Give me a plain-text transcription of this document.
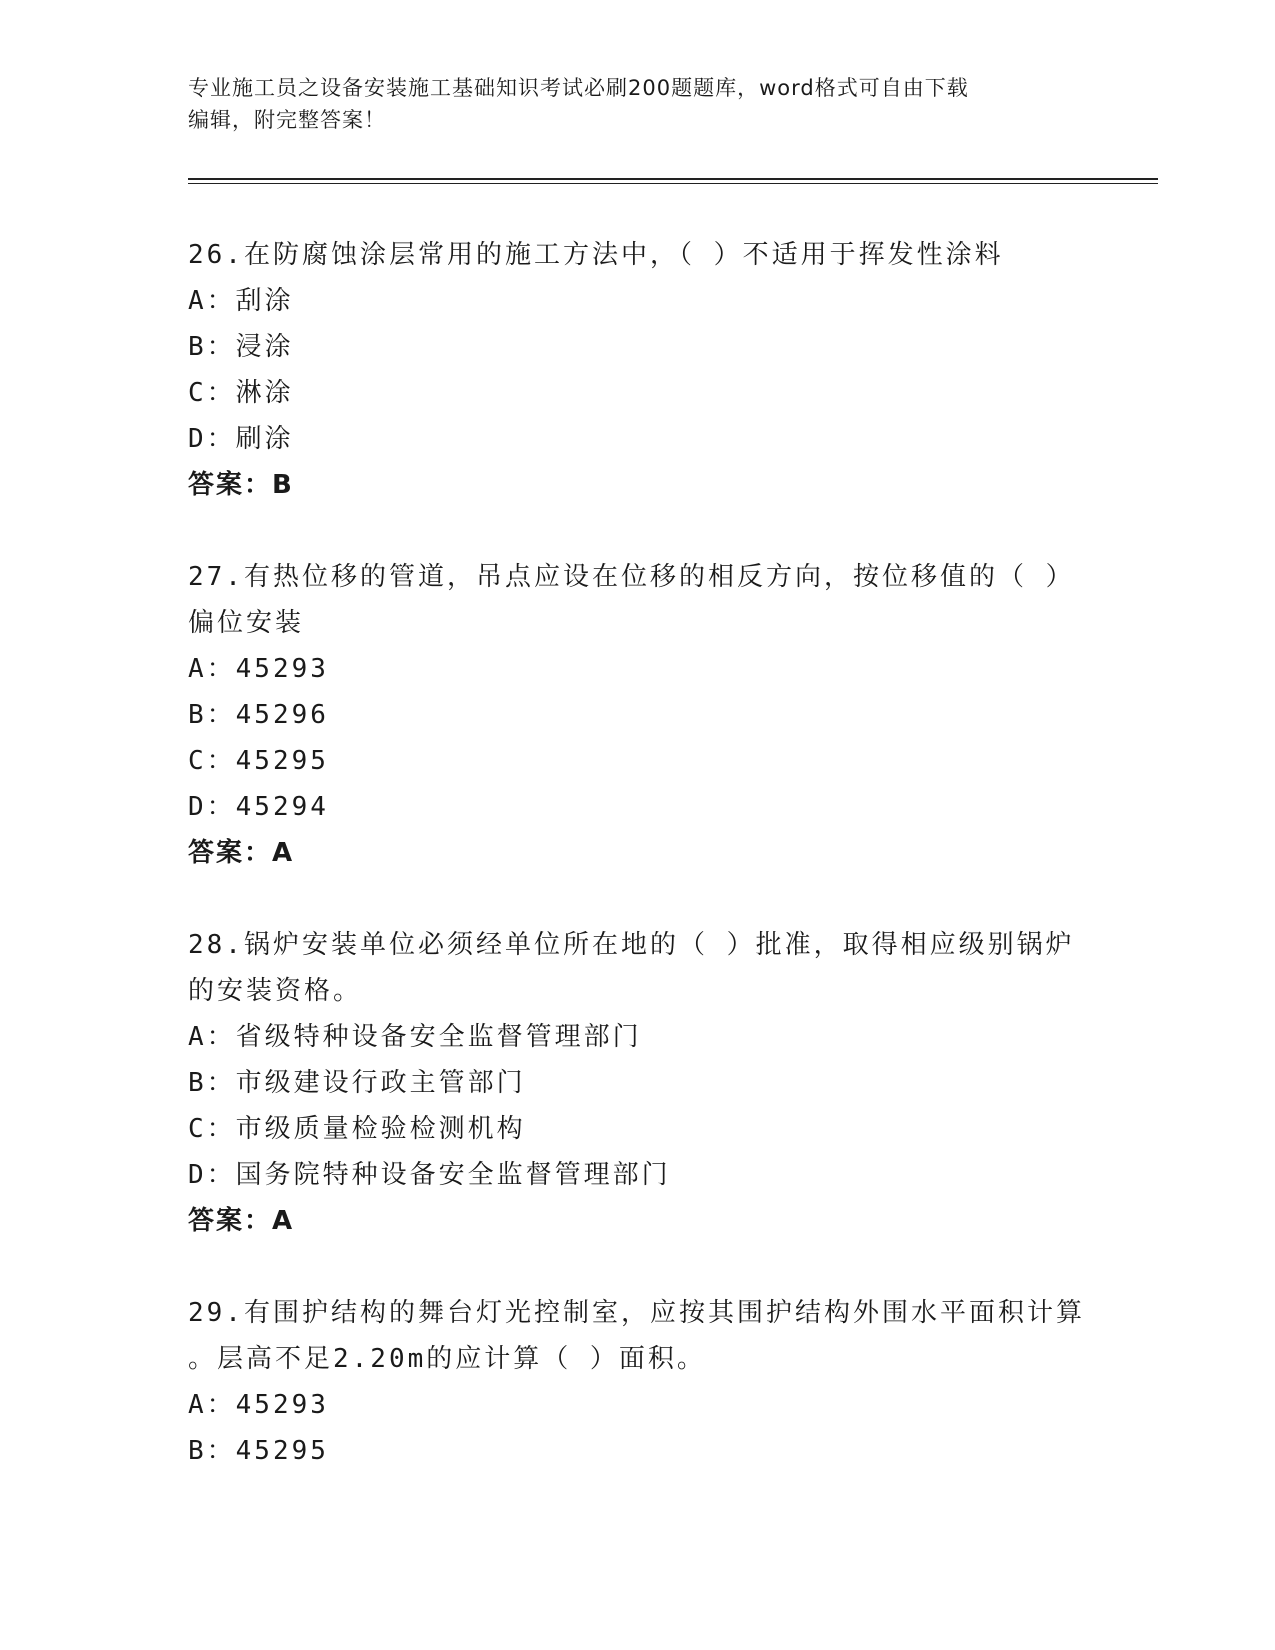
专业施工员之设备安装施工基础知识考试必刷200题题库，word格式可自由下载
编辑，附完整答案！
26.在防腐蚀涂层常用的施工方法中，（ ）不适用于挥发性涂料
A：刮涂
B：浸涂
C：淋涂
D：刷涂
答案：B
27.有热位移的管道，吊点应设在位移的相反方向，按位移值的（ ）
偏位安装
A：45293
B：45296
C：45295
D：45294
答案：A
28.锅炉安装单位必须经单位所在地的（ ）批准，取得相应级别锅炉
的安装资格。
A：省级特种设备安全监督管理部门
B：市级建设行政主管部门
C：市级质量检验检测机构
D：国务院特种设备安全监督管理部门
答案：A
29.有围护结构的舞台灯光控制室，应按其围护结构外围水平面积计算
。层高不足2.20m的应计算（ ）面积。
A：45293
B：45295
